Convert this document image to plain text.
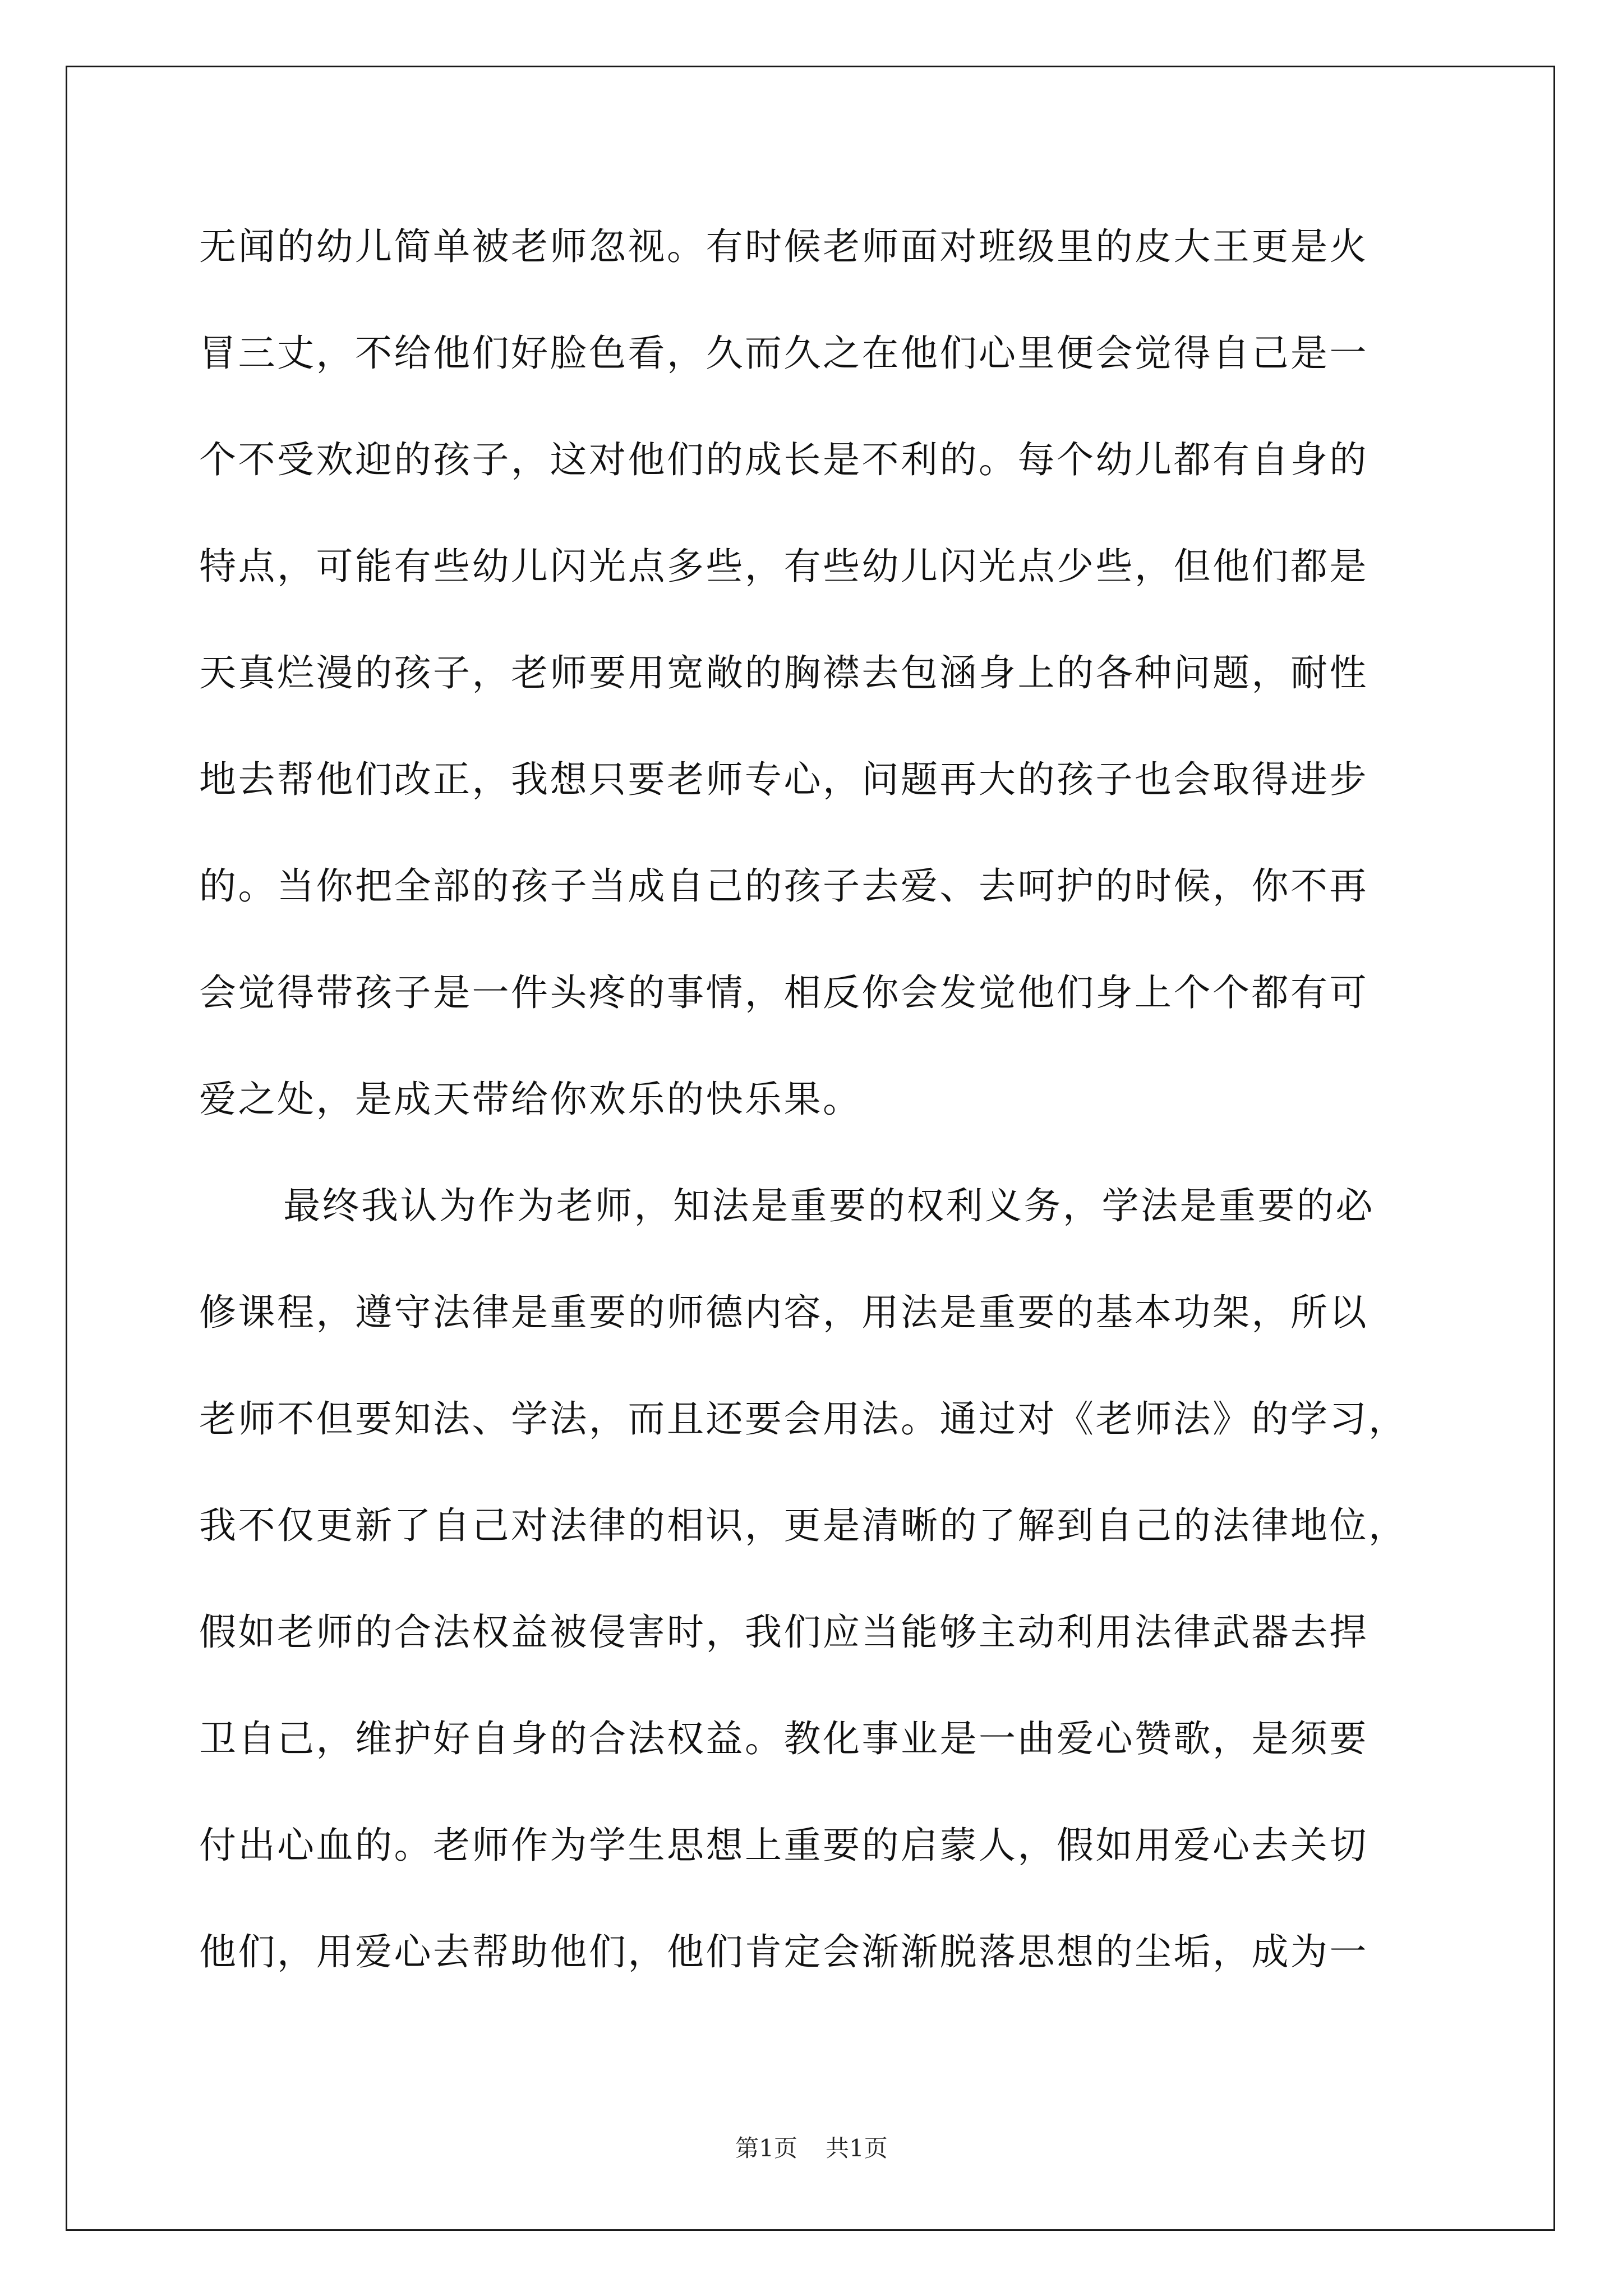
无闻的幼儿简单被老师忽视。有时候老师面对班级里的皮大王更是火
冒三丈，不给他们好脸色看，久而久之在他们心里便会觉得自己是一
个不受欢迎的孩子，这对他们的成长是不利的。每个幼儿都有自身的
特点，可能有些幼儿闪光点多些，有些幼儿闪光点少些，但他们都是
天真烂漫的孩子，老师要用宽敞的胸襟去包涵身上的各种问题，耐性
地去帮他们改正，我想只要老师专心，问题再大的孩子也会取得进步
的。当你把全部的孩子当成自己的孩子去爱、去呵护的时候，你不再
会觉得带孩子是一件头疼的事情，相反你会发觉他们身上个个都有可
爱之处，是成天带给你欢乐的快乐果。
最终我认为作为老师，知法是重要的权利义务，学法是重要的必
修课程，遵守法律是重要的师德内容，用法是重要的基本功架，所以
老师不但要知法、学法，而且还要会用法。通过对《老师法》的学习，
我不仅更新了自己对法律的相识，更是清晰的了解到自己的法律地位，
假如老师的合法权益被侵害时，我们应当能够主动利用法律武器去捍
卫自己，维护好自身的合法权益。教化事业是一曲爱心赞歌，是须要
付出心血的。老师作为学生思想上重要的启蒙人，假如用爱心去关切
他们，用爱心去帮助他们，他们肯定会渐渐脱落思想的尘垢，成为一
第1页 共1页
